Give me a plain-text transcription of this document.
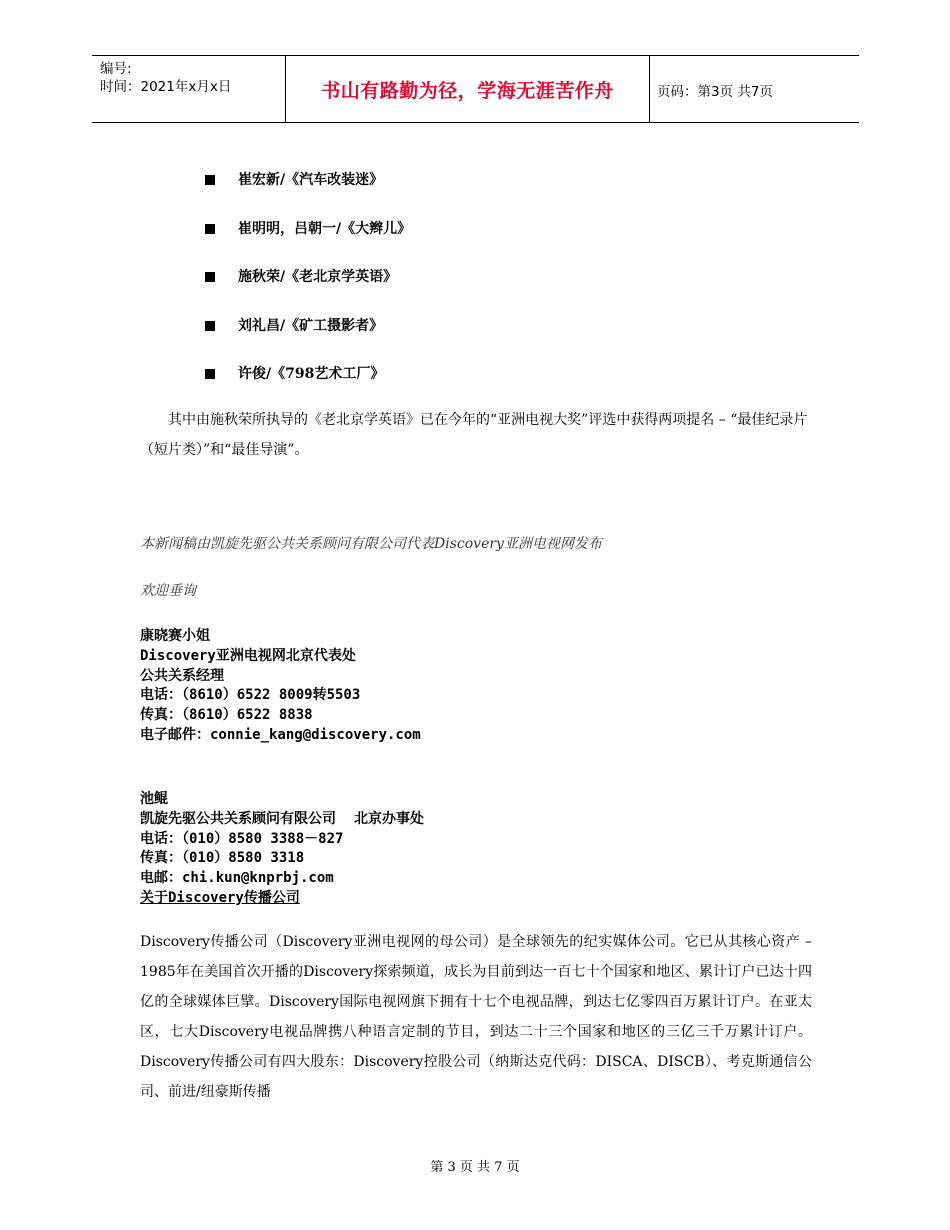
编号:
时间：2021年x月x日	书山有路勤为径，学海无涯苦作舟	页码：第3页 共7页
崔宏新/《汽车改装迷》
崔明明，吕朝一/《大辫儿》
施秋荣/《老北京学英语》
刘礼昌/《矿工摄影者》
许俊/《798艺术工厂》
其中由施秋荣所执导的《老北京学英语》已在今年的“亚洲电视大奖”评选中获得两项提名 – “最佳纪录片（短片类）”和“最佳导演”。
本新闻稿由凯旋先驱公共关系顾问有限公司代表Discovery亚洲电视网发布
欢迎垂询
康晓赛小姐
Discovery亚洲电视网北京代表处
公共关系经理
电话：（8610）6522 8009转5503
传真：（8610）6522 8838
电子邮件：connie_kang@discovery.com
池鲲
凯旋先驱公共关系顾问有限公司 北京办事处
电话：（010）8580 3388－827
传真：（010）8580 3318
电邮：chi.kun@knprbj.com
关于Discovery传播公司
Discovery传播公司（Discovery亚洲电视网的母公司）是全球领先的纪实媒体公司。它已从其核心资产 – 1985年在美国首次开播的Discovery探索频道，成长为目前到达一百七十个国家和地区、累计订户已达十四亿的全球媒体巨擘。Discovery国际电视网旗下拥有十七个电视品牌，到达七亿零四百万累计订户。在亚太区，七大Discovery电视品牌携八种语言定制的节目，到达二十三个国家和地区的三亿三千万累计订户。Discovery传播公司有四大股东：Discovery控股公司（纳斯达克代码：DISCA、DISCB）、考克斯通信公司、前进/纽豪斯传播
第 3 页 共 7 页
